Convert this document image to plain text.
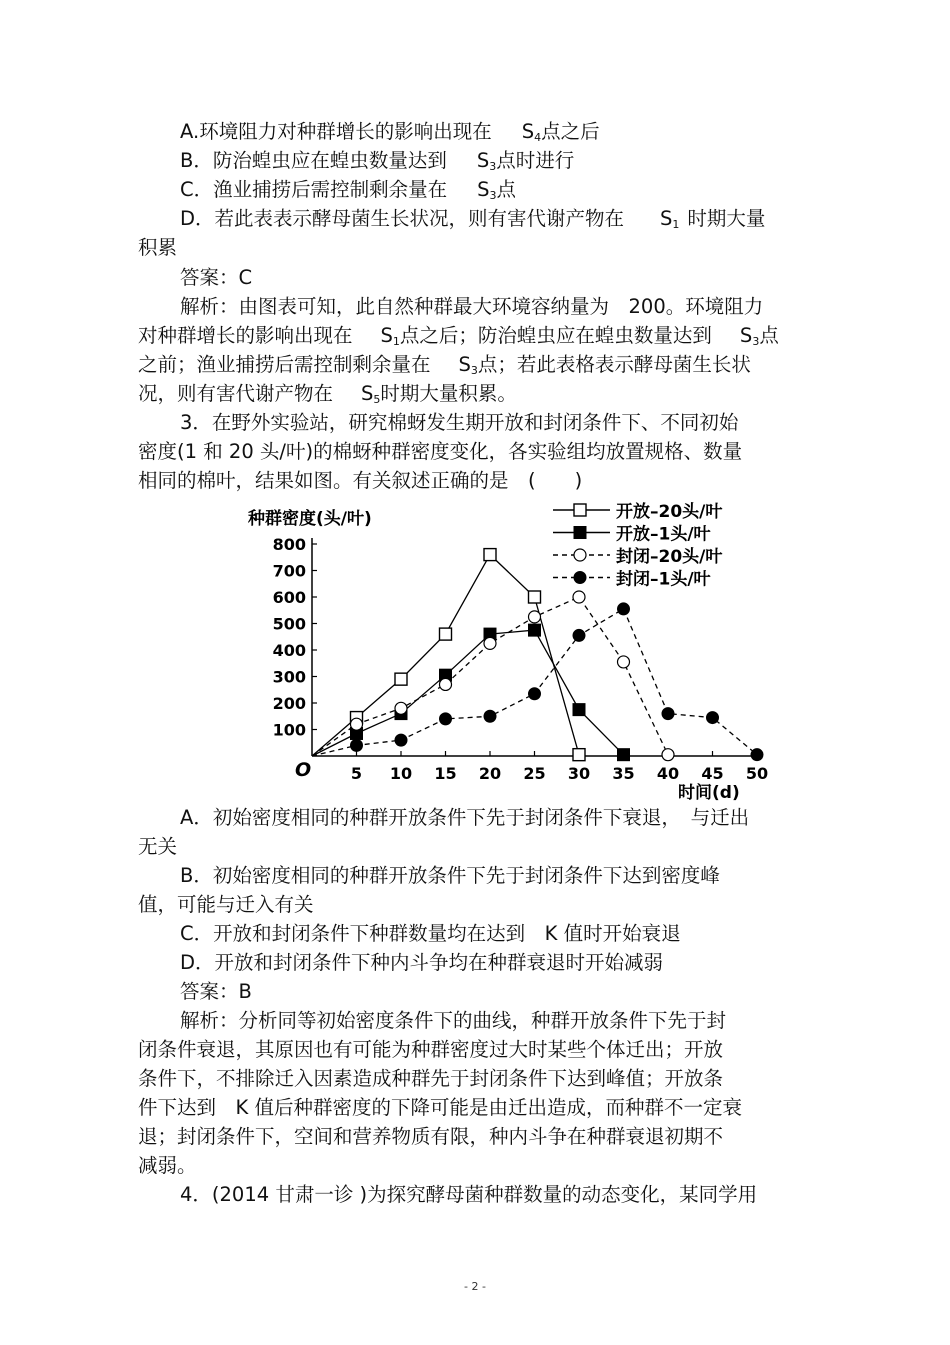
A.环境阻力对种群增长的影响出现在 $S_4$点之后
B．防治蝗虫应在蝗虫数量达到 $S_3$点时进行
C．渔业捕捞后需控制剩余量在 $S_3$点
D．若此表表示酵母菌生长状况，则有害代谢产物在 $S_1$ 时期大量
积累
答案：C
解析：由图表可知，此自然种群最大环境容纳量为　200。环境阻力
对种群增长的影响出现在 $S_1$点之后；防治蝗虫应在蝗虫数量达到 $S_3$点
之前；渔业捕捞后需控制剩余量在 $S_3$点；若此表格表示酵母菌生长状
况，则有害代谢产物在 $S_5$时期大量积累。
3．在野外实验站，研究棉蚜发生期开放和封闭条件下、不同初始
密度(1 和 20 头/叶)的棉蚜种群密度变化，各实验组均放置规格、数量
相同的棉叶，结果如图。有关叙述正确的是　(　　)
种群密度(头/叶)
时间(d)
O
100
200
300
400
500
600
700
800
5 10 15 20 25 30 35 40 45 50
开放–20头/叶
开放–1头/叶
封闭–20头/叶
封闭–1头/叶
A．初始密度相同的种群开放条件下先于封闭条件下衰退，　与迁出
无关
B．初始密度相同的种群开放条件下先于封闭条件下达到密度峰
值，可能与迁入有关
C．开放和封闭条件下种群数量均在达到　K 值时开始衰退
D．开放和封闭条件下种内斗争均在种群衰退时开始减弱
答案：B
解析：分析同等初始密度条件下的曲线，种群开放条件下先于封
闭条件衰退，其原因也有可能为种群密度过大时某些个体迁出；开放
条件下，不排除迁入因素造成种群先于封闭条件下达到峰值；开放条
件下达到　K 值后种群密度的下降可能是由迁出造成，而种群不一定衰
退；封闭条件下，空间和营养物质有限，种内斗争在种群衰退初期不
减弱。
4．(2014 甘肃一诊 )为探究酵母菌种群数量的动态变化，某同学用
- 2 -
